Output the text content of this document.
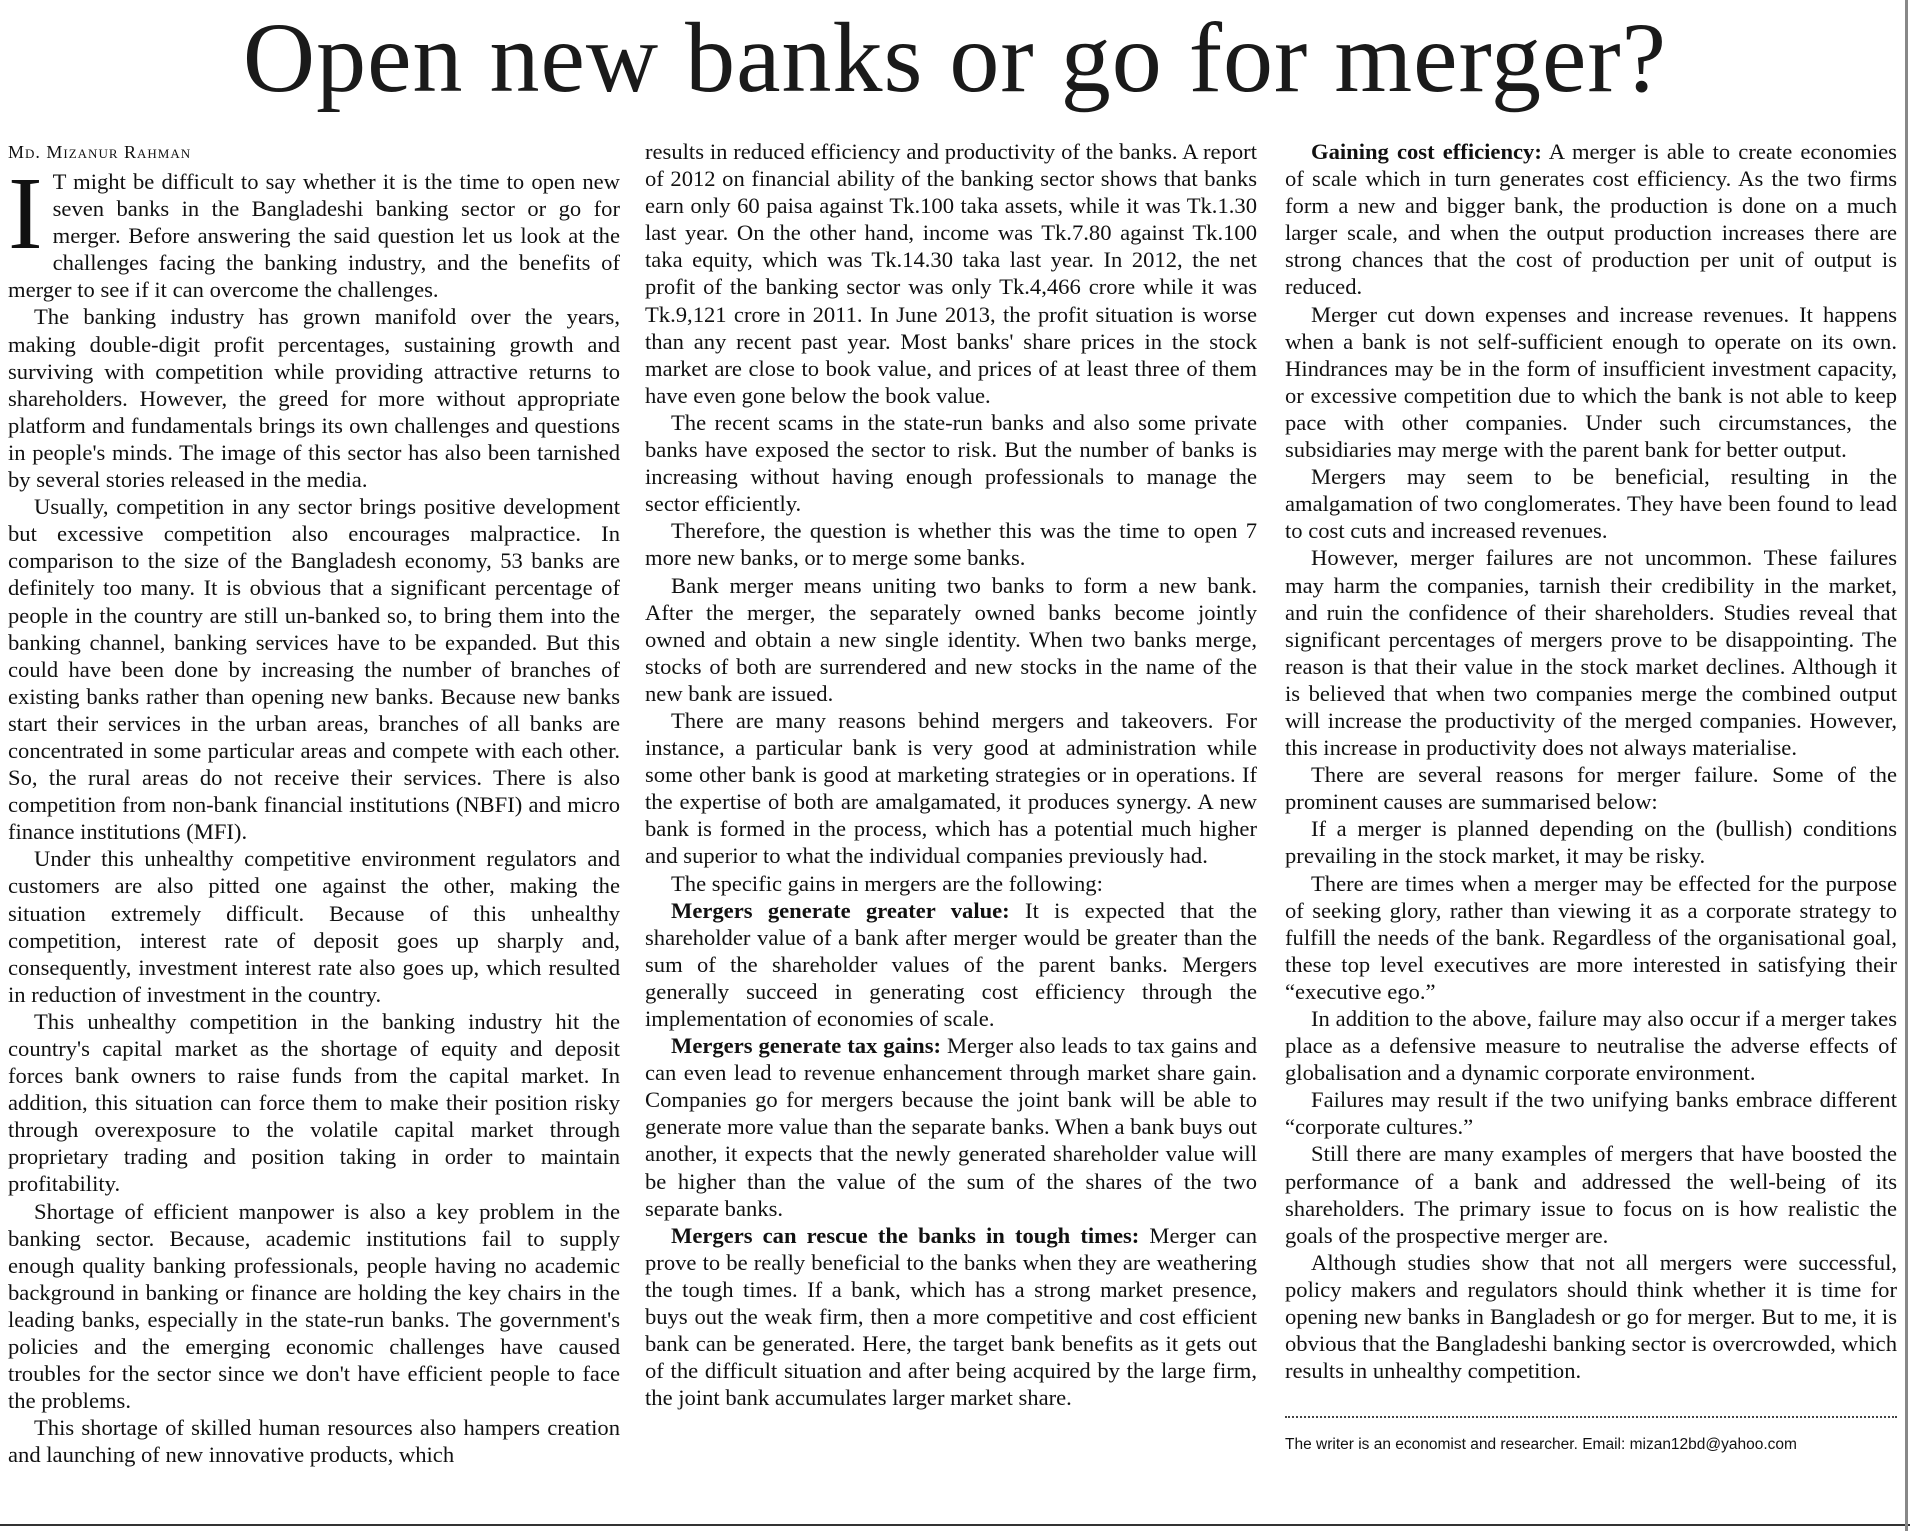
Open new banks or go for merger?
Md. Mizanur Rahman

I T might be difficult to say whether it is the time to open new seven banks in the Bangladeshi banking sector or go for merger. Before answering the said question let us look at the challenges facing the banking industry, and the benefits of merger to see if it can overcome the challenges.

The banking industry has grown manifold over the years, making double-digit profit percentages, sustaining growth and surviving with competition while providing attractive returns to shareholders. However, the greed for more without appropriate platform and fundamentals brings its own challenges and questions in people's minds. The image of this sector has also been tarnished by several stories released in the media.

Usually, competition in any sector brings positive development but excessive competition also encourages malpractice. In comparison to the size of the Bangladesh economy, 53 banks are definitely too many. It is obvious that a significant percentage of people in the country are still un-banked so, to bring them into the banking channel, banking services have to be expanded. But this could have been done by increasing the number of branches of existing banks rather than opening new banks. Because new banks start their services in the urban areas, branches of all banks are concentrated in some particular areas and compete with each other. So, the rural areas do not receive their services. There is also competition from non-bank financial institutions (NBFI) and micro finance institutions (MFI).

Under this unhealthy competitive environment regulators and customers are also pitted one against the other, making the situation extremely difficult. Because of this unhealthy competition, interest rate of deposit goes up sharply and, consequently, investment interest rate also goes up, which resulted in reduction of investment in the country.

This unhealthy competition in the banking industry hit the country's capital market as the shortage of equity and deposit forces bank owners to raise funds from the capital market. In addition, this situation can force them to make their position risky through overexposure to the volatile capital market through proprietary trading and position taking in order to maintain profitability.

Shortage of efficient manpower is also a key problem in the banking sector. Because, academic institutions fail to supply enough quality banking professionals, people having no academic background in banking or finance are holding the key chairs in the leading banks, especially in the state-run banks. The government's policies and the emerging economic challenges have caused troubles for the sector since we don't have efficient people to face the problems.

This shortage of skilled human resources also hampers creation and launching of new innovative products, which

results in reduced efficiency and productivity of the banks. A report of 2012 on financial ability of the banking sector shows that banks earn only 60 paisa against Tk.100 taka assets, while it was Tk.1.30 last year. On the other hand, income was Tk.7.80 against Tk.100 taka equity, which was Tk.14.30 taka last year. In 2012, the net profit of the banking sector was only Tk.4,466 crore while it was Tk.9,121 crore in 2011. In June 2013, the profit situation is worse than any recent past year. Most banks' share prices in the stock market are close to book value, and prices of at least three of them have even gone below the book value.

The recent scams in the state-run banks and also some private banks have exposed the sector to risk. But the number of banks is increasing without having enough professionals to manage the sector efficiently.

Therefore, the question is whether this was the time to open 7 more new banks, or to merge some banks.

Bank merger means uniting two banks to form a new bank. After the merger, the separately owned banks become jointly owned and obtain a new single identity. When two banks merge, stocks of both are surrendered and new stocks in the name of the new bank are issued.

There are many reasons behind mergers and takeovers. For instance, a particular bank is very good at administration while some other bank is good at marketing strategies or in operations. If the expertise of both are amalgamated, it produces synergy. A new bank is formed in the process, which has a potential much higher and superior to what the individual companies previously had.

The specific gains in mergers are the following:

Mergers generate greater value: It is expected that the shareholder value of a bank after merger would be greater than the sum of the shareholder values of the parent banks. Mergers generally succeed in generating cost efficiency through the implementation of economies of scale.

Mergers generate tax gains: Merger also leads to tax gains and can even lead to revenue enhancement through market share gain. Companies go for mergers because the joint bank will be able to generate more value than the separate banks. When a bank buys out another, it expects that the newly generated shareholder value will be higher than the value of the sum of the shares of the two separate banks.

Mergers can rescue the banks in tough times: Merger can prove to be really beneficial to the banks when they are weathering the tough times. If a bank, which has a strong market presence, buys out the weak firm, then a more competitive and cost efficient bank can be generated. Here, the target bank benefits as it gets out of the difficult situation and after being acquired by the large firm, the joint bank accumulates larger market share.

Gaining cost efficiency: A merger is able to create economies of scale which in turn generates cost efficiency. As the two firms form a new and bigger bank, the production is done on a much larger scale, and when the output production increases there are strong chances that the cost of production per unit of output is reduced.

Merger cut down expenses and increase revenues. It happens when a bank is not self-sufficient enough to operate on its own. Hindrances may be in the form of insufficient investment capacity, or excessive competition due to which the bank is not able to keep pace with other companies. Under such circumstances, the subsidiaries may merge with the parent bank for better output.

Mergers may seem to be beneficial, resulting in the amalgamation of two conglomerates. They have been found to lead to cost cuts and increased revenues.

However, merger failures are not uncommon. These failures may harm the companies, tarnish their credibility in the market, and ruin the confidence of their shareholders. Studies reveal that significant percentages of mergers prove to be disappointing. The reason is that their value in the stock market declines. Although it is believed that when two companies merge the combined output will increase the productivity of the merged companies. However, this increase in productivity does not always materialise.

There are several reasons for merger failure. Some of the prominent causes are summarised below:

If a merger is planned depending on the (bullish) conditions prevailing in the stock market, it may be risky.

There are times when a merger may be effected for the purpose of seeking glory, rather than viewing it as a corporate strategy to fulfill the needs of the bank. Regardless of the organisational goal, these top level executives are more interested in satisfying their “executive ego.”

In addition to the above, failure may also occur if a merger takes place as a defensive measure to neutralise the adverse effects of globalisation and a dynamic corporate environment.

Failures may result if the two unifying banks embrace different “corporate cultures.”

Still there are many examples of mergers that have boosted the performance of a bank and addressed the well-being of its shareholders. The primary issue to focus on is how realistic the goals of the prospective merger are.

Although studies show that not all mergers were successful, policy makers and regulators should think whether it is time for opening new banks in Bangladesh or go for merger. But to me, it is obvious that the Bangladeshi banking sector is overcrowded, which results in unhealthy competition.

The writer is an economist and researcher. Email: mizan12bd@yahoo.com
